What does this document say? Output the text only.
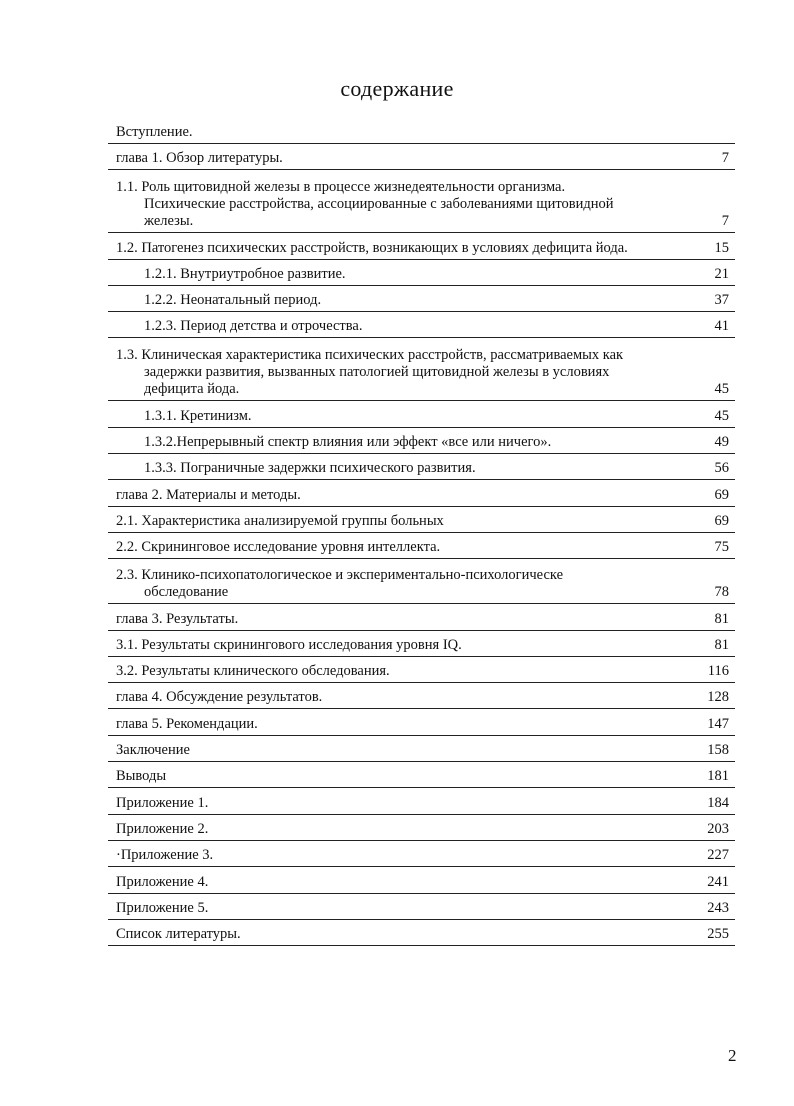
содержание
Вступление.
глава 1. Обзор литературы.	7
1.1. Роль щитовидной железы в процессе жизнедеятельности организма.
Психические расстройства, ассоциированные с заболеваниями щитовидной
железы.	7
1.2. Патогенез психических расстройств, возникающих в условиях дефицита йода.	15
1.2.1. Внутриутробное развитие.	21
1.2.2. Неонатальный период.	37
1.2.3. Период детства и отрочества.	41
1.3. Клиническая характеристика психических расстройств, рассматриваемых как
задержки развития, вызванных патологией щитовидной железы в условиях
дефицита йода.	45
1.3.1. Кретинизм.	45
1.3.2.Непрерывный спектр влияния или эффект «все или ничего».	49
1.3.3. Пограничные задержки психического развития.	56
глава 2. Материалы и методы.	69
2.1. Характеристика анализируемой группы больных	69
2.2. Скрининговое исследование уровня интеллекта.	75
2.3. Клинико-психопатологическое и экспериментально-психологическе
обследование	78
глава 3. Результаты.	81
3.1. Результаты скринингового исследования уровня IQ.	81
3.2. Результаты клинического обследования.	116
глава 4. Обсуждение результатов.	128
глава 5. Рекомендации.	147
Заключение	158
Выводы	181
Приложение 1.	184
Приложение 2.	203
·Приложение 3.	227
Приложение 4.	241
Приложение 5.	243
Список литературы.	255
2
